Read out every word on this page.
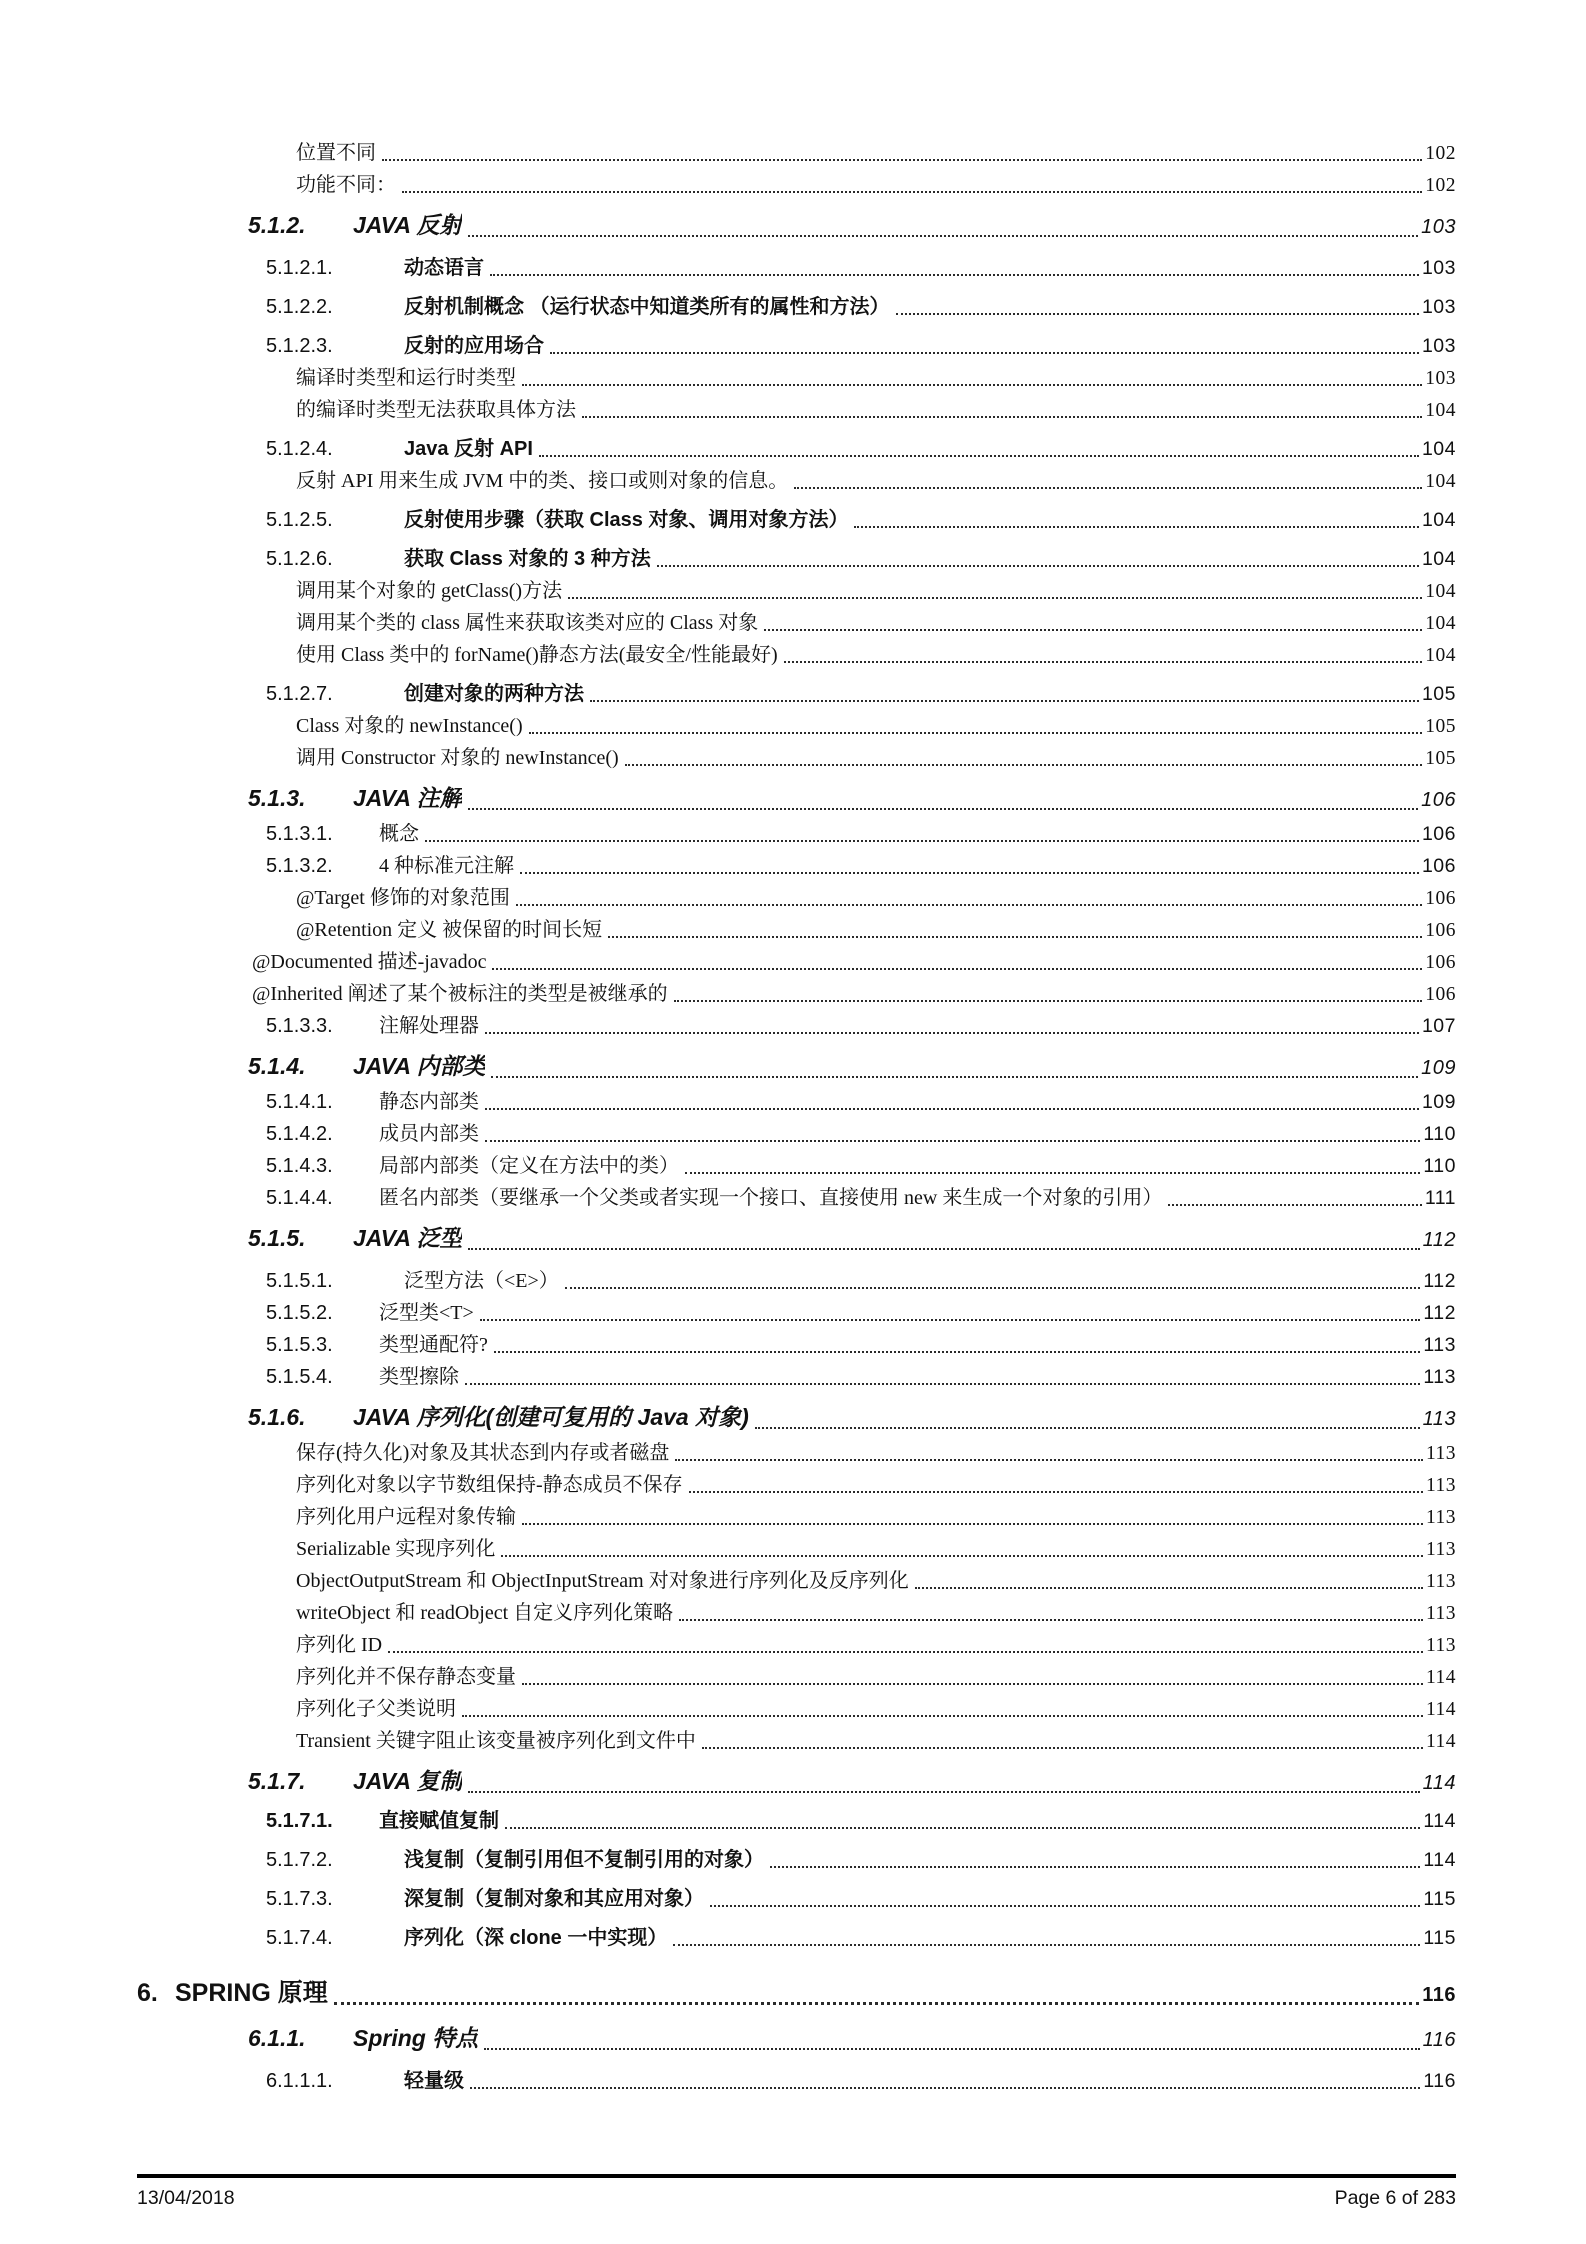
位置不同	102
功能不同：	102
5.1.2.	JAVA 反射	103
5.1.2.1.	动态语言	103
5.1.2.2.	反射机制概念 （运行状态中知道类所有的属性和方法）	103
5.1.2.3.	反射的应用场合	103
编译时类型和运行时类型	103
的编译时类型无法获取具体方法	104
5.1.2.4.	Java 反射 API	104
反射 API 用来生成 JVM 中的类、接口或则对象的信息。	104
5.1.2.5.	反射使用步骤（获取 Class 对象、调用对象方法）	104
5.1.2.6.	获取 Class 对象的 3 种方法	104
调用某个对象的 getClass()方法	104
调用某个类的 class 属性来获取该类对应的 Class 对象	104
使用 Class 类中的 forName()静态方法(最安全/性能最好)	104
5.1.2.7.	创建对象的两种方法	105
Class 对象的 newInstance()	105
调用 Constructor 对象的 newInstance()	105
5.1.3.	JAVA 注解	106
5.1.3.1.	概念	106
5.1.3.2.	4 种标准元注解	106
@Target 修饰的对象范围	106
@Retention 定义 被保留的时间长短	106
@Documented 描述-javadoc	106
@Inherited 阐述了某个被标注的类型是被继承的	106
5.1.3.3.	注解处理器	107
5.1.4.	JAVA 内部类	109
5.1.4.1.	静态内部类	109
5.1.4.2.	成员内部类	110
5.1.4.3.	局部内部类（定义在方法中的类）	110
5.1.4.4.	匿名内部类（要继承一个父类或者实现一个接口、直接使用 new 来生成一个对象的引用）	111
5.1.5.	JAVA 泛型	112
5.1.5.1.	泛型方法（<E>）	112
5.1.5.2.	泛型类<T>	112
5.1.5.3.	类型通配符?	113
5.1.5.4.	类型擦除	113
5.1.6.	JAVA 序列化(创建可复用的 Java 对象)	113
保存(持久化)对象及其状态到内存或者磁盘	113
序列化对象以字节数组保持-静态成员不保存	113
序列化用户远程对象传输	113
Serializable 实现序列化	113
ObjectOutputStream 和 ObjectInputStream 对对象进行序列化及反序列化	113
writeObject 和 readObject 自定义序列化策略	113
序列化 ID	113
序列化并不保存静态变量	114
序列化子父类说明	114
Transient 关键字阻止该变量被序列化到文件中	114
5.1.7.	JAVA 复制	114
5.1.7.1.	直接赋值复制	114
5.1.7.2.	浅复制（复制引用但不复制引用的对象）	114
5.1.7.3.	深复制（复制对象和其应用对象）	115
5.1.7.4.	序列化（深 clone 一中实现）	115
6. SPRING 原理	116
6.1.1.	Spring 特点	116
6.1.1.1.	轻量级	116
13/04/2018	Page 6 of 283
